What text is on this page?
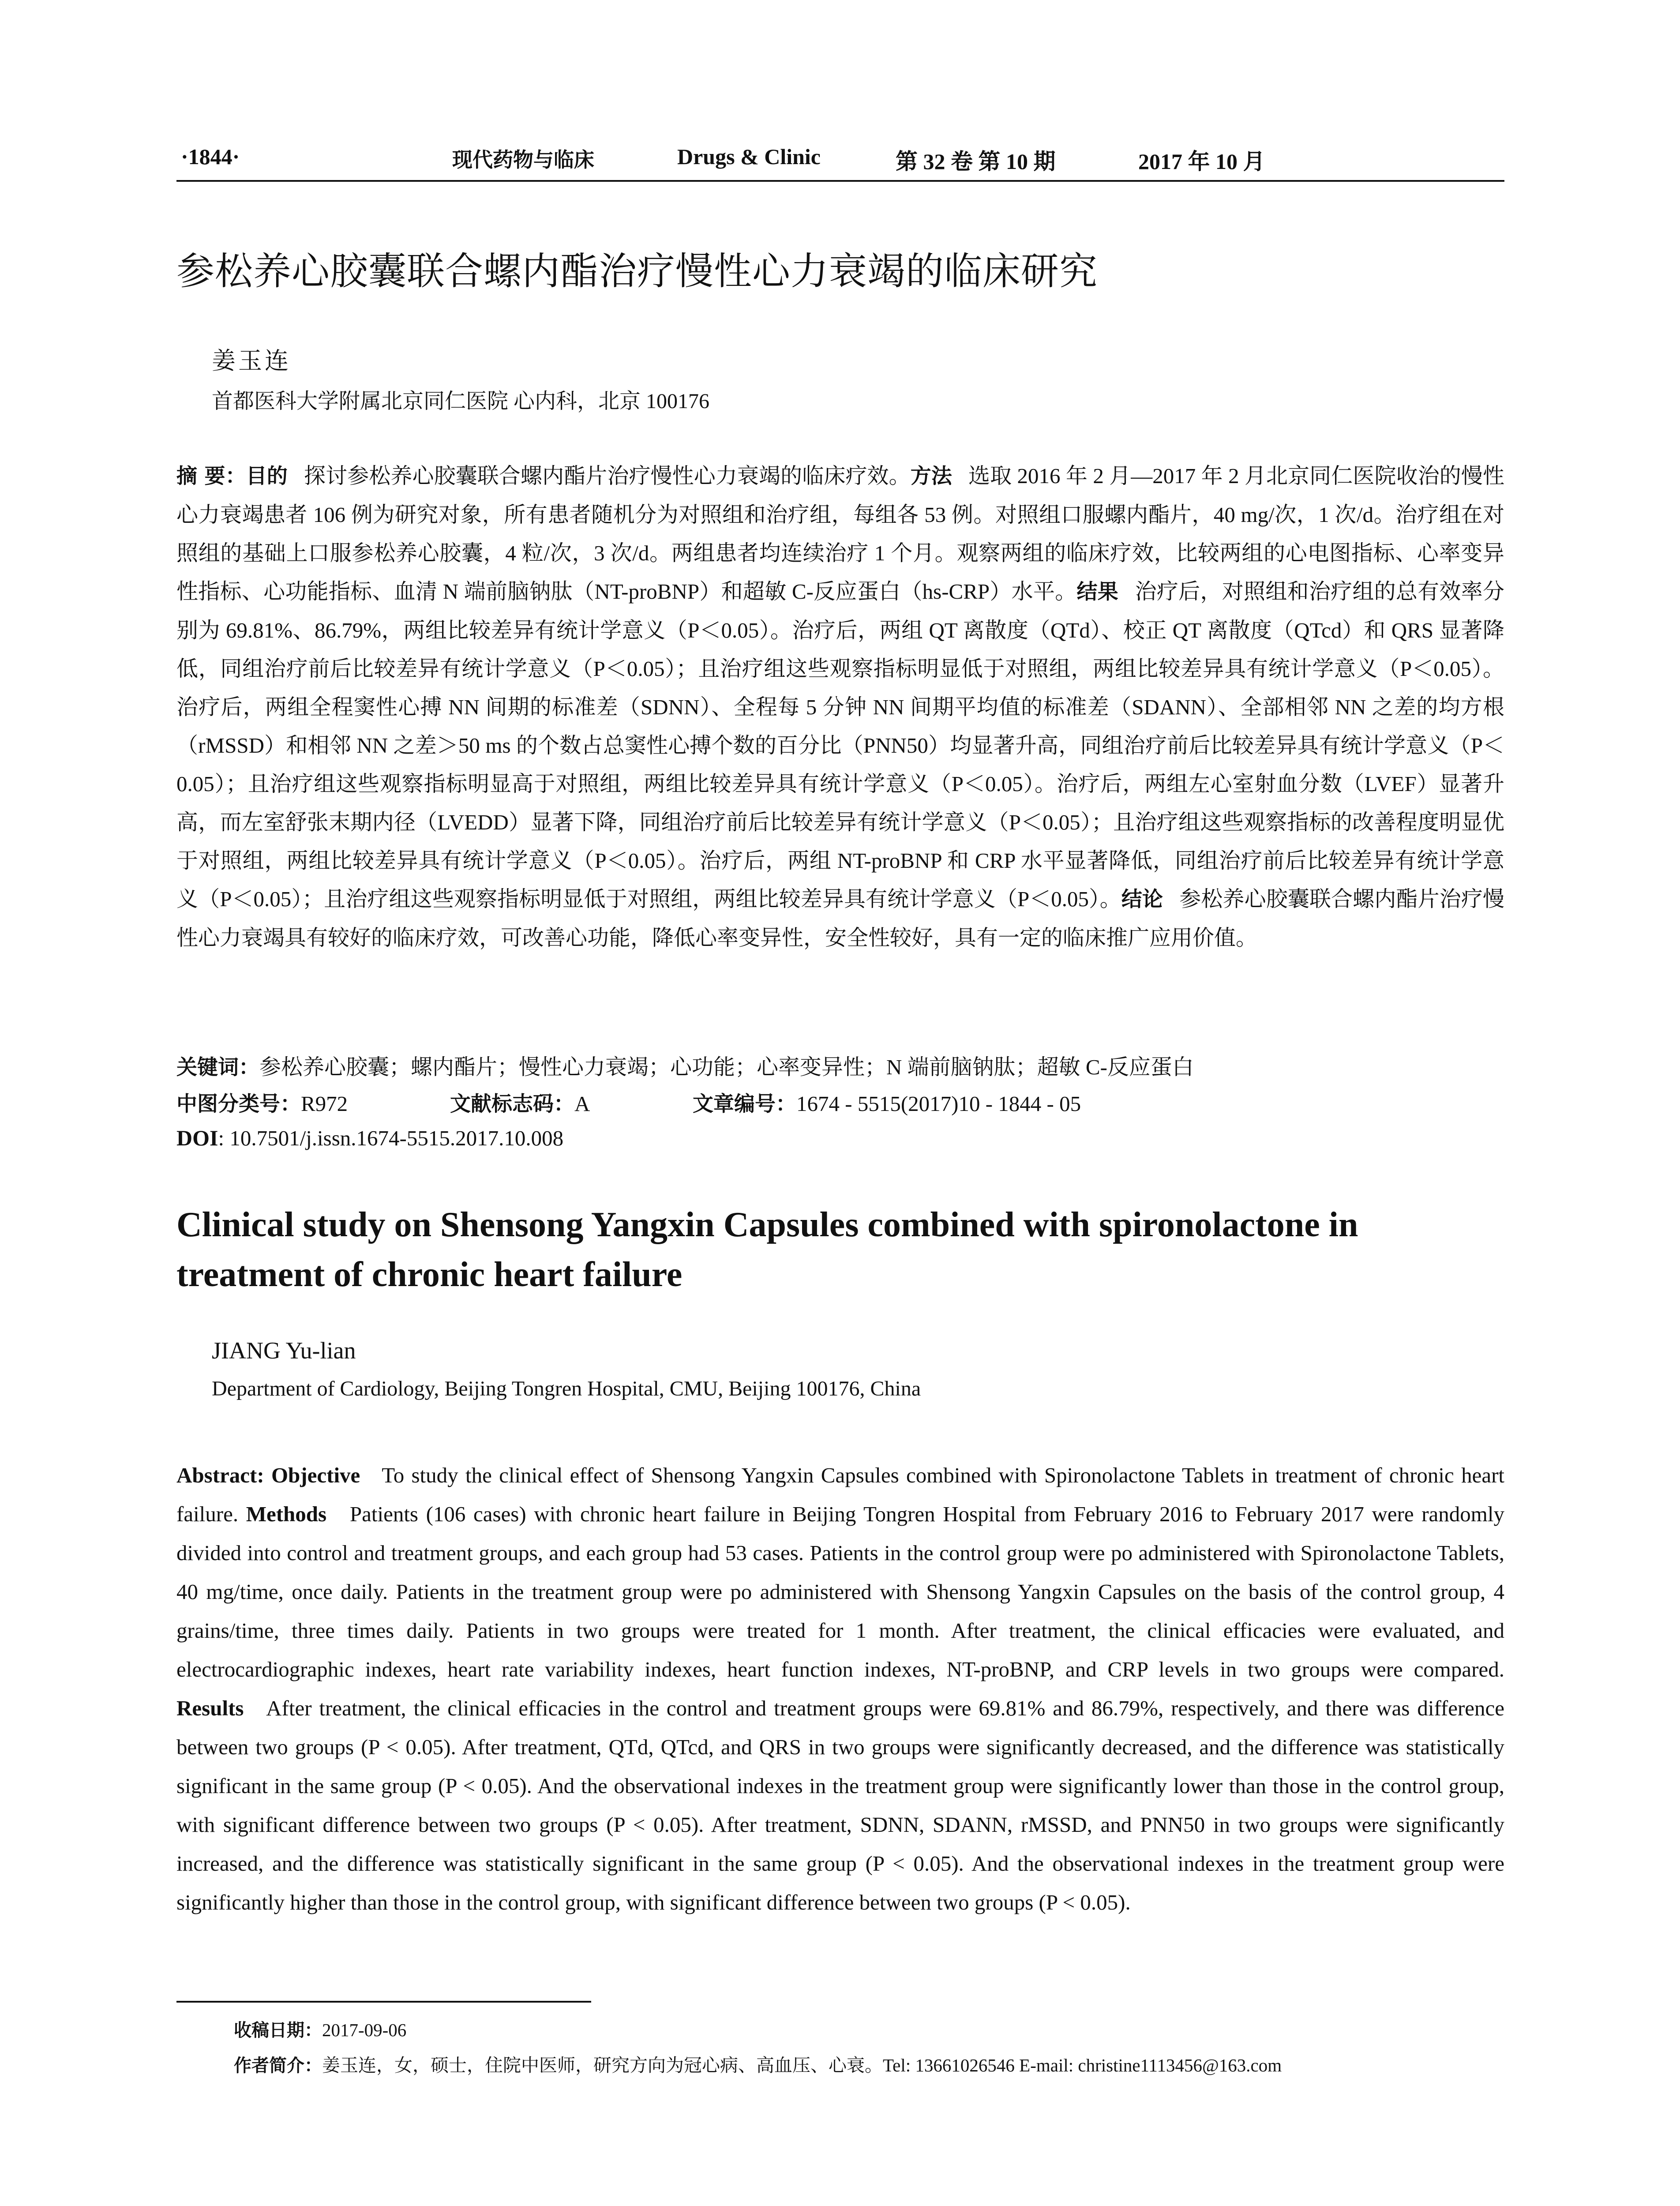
·1844·	现代药物与临床	Drugs & Clinic	第 32 卷 第 10 期	2017 年 10 月
参松养心胶囊联合螺内酯治疗慢性心力衰竭的临床研究
姜玉连
首都医科大学附属北京同仁医院 心内科，北京 100176

摘 要：目的 探讨参松养心胶囊联合螺内酯片治疗慢性心力衰竭的临床疗效。方法 选取 2016 年 2 月—2017 年 2 月北京同仁医院收治的慢性心力衰竭患者 106 例为研究对象，所有患者随机分为对照组和治疗组，每组各 53 例。对照组口服螺内酯片，40 mg/次，1 次/d。治疗组在对照组的基础上口服参松养心胶囊，4 粒/次，3 次/d。两组患者均连续治疗 1 个月。观察两组的临床疗效，比较两组的心电图指标、心率变异性指标、心功能指标、血清 N 端前脑钠肽（NT-proBNP）和超敏 C-反应蛋白（hs-CRP）水平。结果 治疗后，对照组和治疗组的总有效率分别为 69.81%、86.79%，两组比较差异有统计学意义（P＜0.05）。治疗后，两组 QT 离散度（QTd）、校正 QT 离散度（QTcd）和 QRS 显著降低，同组治疗前后比较差异有统计学意义（P＜0.05）；且治疗组这些观察指标明显低于对照组，两组比较差异具有统计学意义（P＜0.05）。治疗后，两组全程窦性心搏 NN 间期的标准差（SDNN）、全程每 5 分钟 NN 间期平均值的标准差（SDANN）、全部相邻 NN 之差的均方根（rMSSD）和相邻 NN 之差＞50 ms 的个数占总窦性心搏个数的百分比（PNN50）均显著升高，同组治疗前后比较差异具有统计学意义（P＜0.05）；且治疗组这些观察指标明显高于对照组，两组比较差异具有统计学意义（P＜0.05）。治疗后，两组左心室射血分数（LVEF）显著升高，而左室舒张末期内径（LVEDD）显著下降，同组治疗前后比较差异有统计学意义（P＜0.05）；且治疗组这些观察指标的改善程度明显优于对照组，两组比较差异具有统计学意义（P＜0.05）。治疗后，两组 NT-proBNP 和 CRP 水平显著降低，同组治疗前后比较差异有统计学意义（P＜0.05）；且治疗组这些观察指标明显低于对照组，两组比较差异具有统计学意义（P＜0.05）。结论 参松养心胶囊联合螺内酯片治疗慢性心力衰竭具有较好的临床疗效，可改善心功能，降低心率变异性，安全性较好，具有一定的临床推广应用价值。

关键词：参松养心胶囊；螺内酯片；慢性心力衰竭；心功能；心率变异性；N 端前脑钠肽；超敏 C-反应蛋白
中图分类号：R972	文献标志码：A	文章编号：1674 - 5515(2017)10 - 1844 - 05
DOI: 10.7501/j.issn.1674-5515.2017.10.008
Clinical study on Shensong Yangxin Capsules combined with spironolactone in treatment of chronic heart failure
JIANG Yu-lian
Department of Cardiology, Beijing Tongren Hospital, CMU, Beijing 100176, China

Abstract: Objective To study the clinical effect of Shensong Yangxin Capsules combined with Spironolactone Tablets in treatment of chronic heart failure. Methods Patients (106 cases) with chronic heart failure in Beijing Tongren Hospital from February 2016 to February 2017 were randomly divided into control and treatment groups, and each group had 53 cases. Patients in the control group were po administered with Spironolactone Tablets, 40 mg/time, once daily. Patients in the treatment group were po administered with Shensong Yangxin Capsules on the basis of the control group, 4 grains/time, three times daily. Patients in two groups were treated for 1 month. After treatment, the clinical efficacies were evaluated, and electrocardiographic indexes, heart rate variability indexes, heart function indexes, NT-proBNP, and CRP levels in two groups were compared. Results After treatment, the clinical efficacies in the control and treatment groups were 69.81% and 86.79%, respectively, and there was difference between two groups (P < 0.05). After treatment, QTd, QTcd, and QRS in two groups were significantly decreased, and the difference was statistically significant in the same group (P < 0.05). And the observational indexes in the treatment group were significantly lower than those in the control group, with significant difference between two groups (P < 0.05). After treatment, SDNN, SDANN, rMSSD, and PNN50 in two groups were significantly increased, and the difference was statistically significant in the same group (P < 0.05). And the observational indexes in the treatment group were significantly higher than those in the control group, with significant difference between two groups (P < 0.05).

收稿日期：2017-09-06
作者简介：姜玉连，女，硕士，住院中医师，研究方向为冠心病、高血压、心衰。Tel: 13661026546 E-mail: christine1113456@163.com
